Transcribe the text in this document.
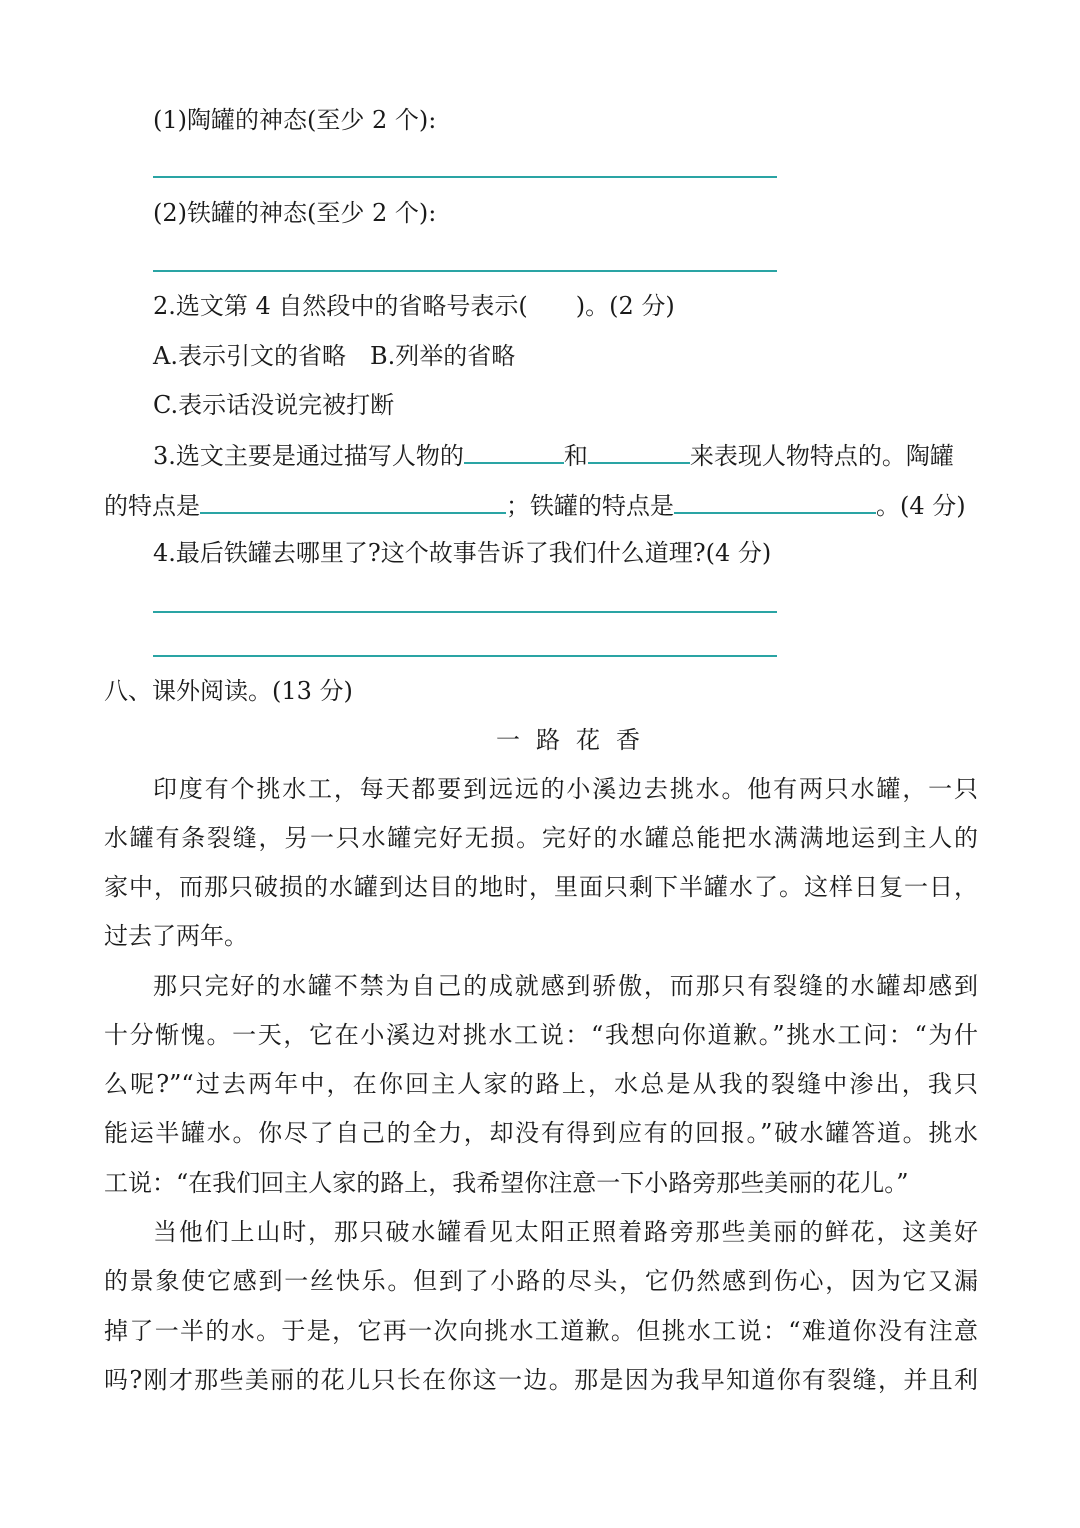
(1)陶罐的神态(至少 2 个):
(2)铁罐的神态(至少 2 个):
2.选文第 4 自然段中的省略号表示(　　)。(2 分)
A.表示引文的省略　B.列举的省略
C.表示话没说完被打断
3.选文主要是通过描写人物的	和	来表现人物特点的。陶罐
的特点是	；铁罐的特点是	。(4 分)
4.最后铁罐去哪里了?这个故事告诉了我们什么道理?(4 分)
八、课外阅读。(13 分)
一路花香
印度有个挑水工，每天都要到远远的小溪边去挑水。他有两只水罐，一只
水罐有条裂缝，另一只水罐完好无损。完好的水罐总能把水满满地运到主人的
家中，而那只破损的水罐到达目的地时，里面只剩下半罐水了。这样日复一日，
过去了两年。
那只完好的水罐不禁为自己的成就感到骄傲，而那只有裂缝的水罐却感到
十分惭愧。一天，它在小溪边对挑水工说：“我想向你道歉。”挑水工问：“为什
么呢?”“过去两年中，在你回主人家的路上，水总是从我的裂缝中渗出，我只
能运半罐水。你尽了自己的全力，却没有得到应有的回报。”破水罐答道。挑水
工说：“在我们回主人家的路上，我希望你注意一下小路旁那些美丽的花儿。”
当他们上山时，那只破水罐看见太阳正照着路旁那些美丽的鲜花，这美好
的景象使它感到一丝快乐。但到了小路的尽头，它仍然感到伤心，因为它又漏
掉了一半的水。于是，它再一次向挑水工道歉。但挑水工说：“难道你没有注意
吗?刚才那些美丽的花儿只长在你这一边。那是因为我早知道你有裂缝，并且利
